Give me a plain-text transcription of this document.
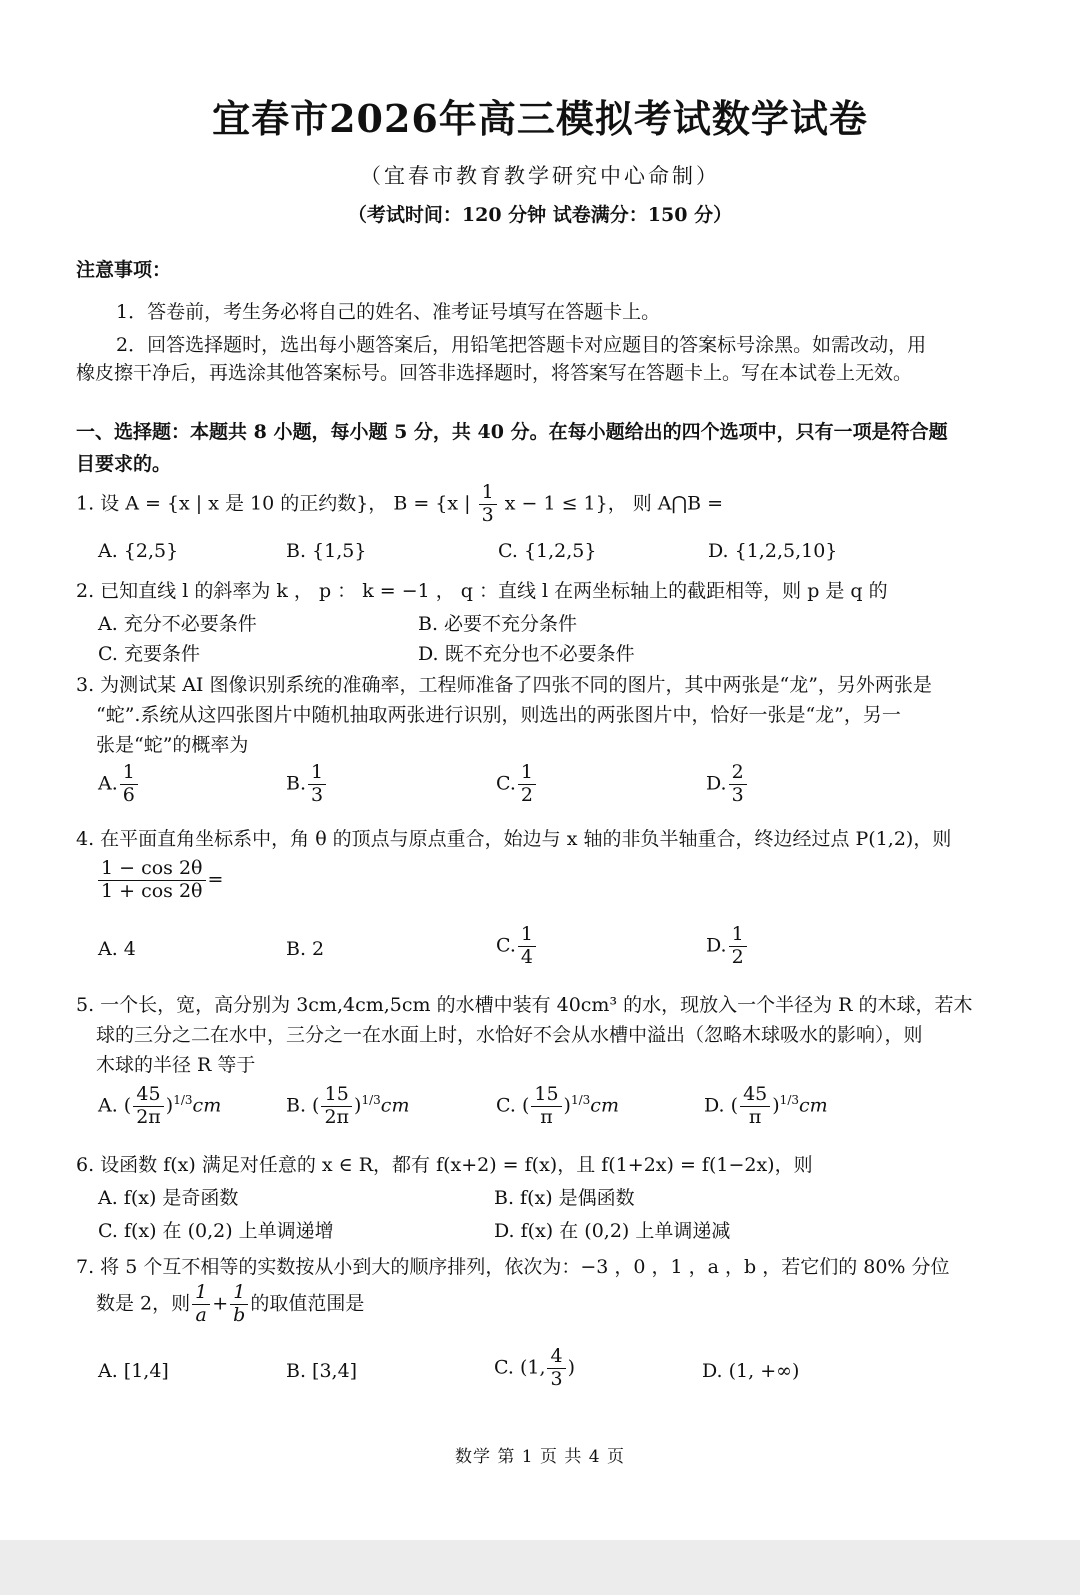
宜春市2026年高三模拟考试数学试卷
（宜春市教育教学研究中心命制）
（考试时间：120 分钟 试卷满分：150 分）
注意事项：
1．答卷前，考生务必将自己的姓名、准考证号填写在答题卡上。
2．回答选择题时，选出每小题答案后，用铅笔把答题卡对应题目的答案标号涂黑。如需改动，用
橡皮擦干净后，再选涂其他答案标号。回答非选择题时，将答案写在答题卡上。写在本试卷上无效。
一、选择题：本题共 8 小题，每小题 5 分，共 40 分。在每小题给出的四个选项中，只有一项是符合题
目要求的。
1. 设 A = {x | x 是 10 的正约数}， B = {x | $\frac{1}{3}$ x − 1 ≤ 1}， 则 A⋂B =
A. {2,5}	B. {1,5}	C. {1,2,5}	D. {1,2,5,10}
2. 已知直线 l 的斜率为 k ， p ： k = −1 ， q ：直线 l 在两坐标轴上的截距相等，则 p 是 q 的
A. 充分不必要条件	B. 必要不充分条件
C. 充要条件	D. 既不充分也不必要条件
3. 为测试某 AI 图像识别系统的准确率，工程师准备了四张不同的图片，其中两张是“龙”，另外两张是
“蛇”.系统从这四张图片中随机抽取两张进行识别，则选出的两张图片中，恰好一张是“龙”，另一
张是“蛇”的概率为
A. $\frac{1}{6}$	B. $\frac{1}{3}$	C. $\frac{1}{2}$	D. $\frac{2}{3}$
4. 在平面直角坐标系中，角 θ 的顶点与原点重合，始边与 x 轴的非负半轴重合，终边经过点 P(1,2)，则
$\frac{1 - \cos 2\theta}{1 + \cos 2\theta}$ =
A. 4	B. 2	C. $\frac{1}{4}$	D. $\frac{1}{2}$
5. 一个长，宽，高分别为 3cm,4cm,5cm 的水槽中装有 40cm³ 的水，现放入一个半径为 R 的木球，若木
球的三分之二在水中，三分之一在水面上时，水恰好不会从水槽中溢出（忽略木球吸水的影响），则
木球的半径 R 等于
A. ( $\frac{45}{2\pi} )^{1/3}cm$	B. ( $\frac{15}{2\pi} )^{1/3}cm$	C. ( $\frac{15}{\pi} )^{1/3}cm$	D. ( $\frac{45}{\pi} )^{1/3}cm$
6. 设函数 f(x) 满足对任意的 x ∈ R，都有 f(x+2) = f(x)，且 f(1+2x) = f(1−2x)，则
A. f(x) 是奇函数	B. f(x) 是偶函数
C. f(x) 在 (0,2) 上单调递增	D. f(x) 在 (0,2) 上单调递减
7. 将 5 个互不相等的实数按从小到大的顺序排列，依次为：−3 ，0 ，1 ，a ，b ，若它们的 80% 分位
数是 2，则 $\frac{1}{a} + \frac{1}{b}$ 的取值范围是
A. [1,4]	B. [3,4]	C. (1, $\frac{4}{3}$ )	D. (1, +∞)
数学 第 1 页 共 4 页
